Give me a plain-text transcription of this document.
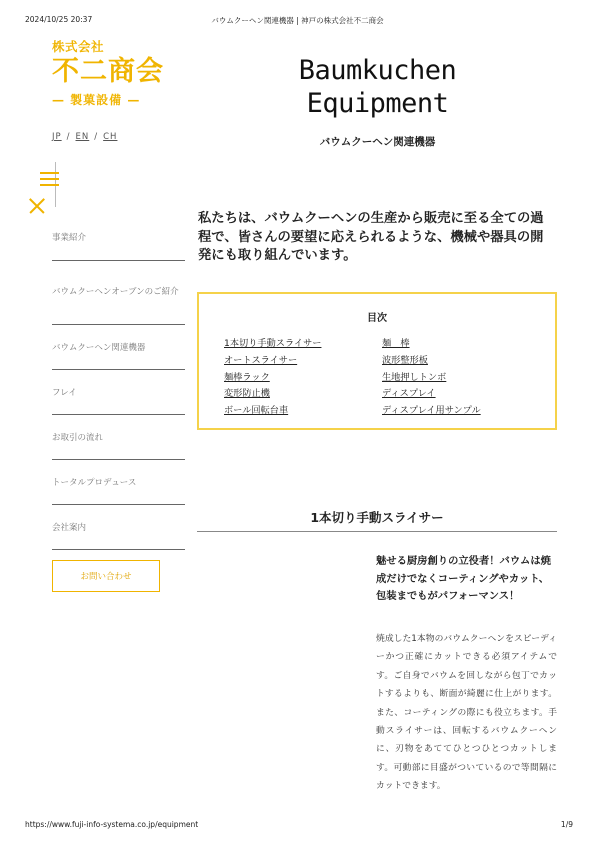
2024/10/25 20:37	バウムクーヘン関連機器 | 神戸の株式会社不二商会
株式会社
不二商会
— 製菓設備 —
JP / EN / CH
Baumkuchen
Equipment
バウムクーヘン関連機器
事業紹介
バウムクーヘンオーブンのご紹介
バウムクーヘン関連機器
フレイ
お取引の流れ
トータルプロデュース
会社案内
お問い合わせ
私たちは、バウムクーヘンの生産から販売に至る全ての過程で、皆さんの要望に応えられるような、機械や器具の開発にも取り組んでいます。
目次
1本切り手動スライサー
オートスライサー
麺棒ラック
変形防止機
ボール回転台車
麺　棒
波形整形板
生地押しトンボ
ディスプレイ
ディスプレイ用サンプル
1本切り手動スライサー
魅せる厨房創りの立役者！バウムは焼成だけでなくコーティングやカット、包装までもがパフォーマンス！
焼成した1本物のバウムクーヘンをスピーディーかつ正確にカットできる必須アイテムです。ご自身でバウムを回しながら包丁でカットするよりも、断面が綺麗に仕上がります。また、コーティングの際にも役立ちます。手動スライサーは、回転するバウムクーヘンに、刃物をあててひとつひとつカットします。可動部に目盛がついているので等間隔にカットできます。
https://www.fuji-info-systema.co.jp/equipment	1/9
